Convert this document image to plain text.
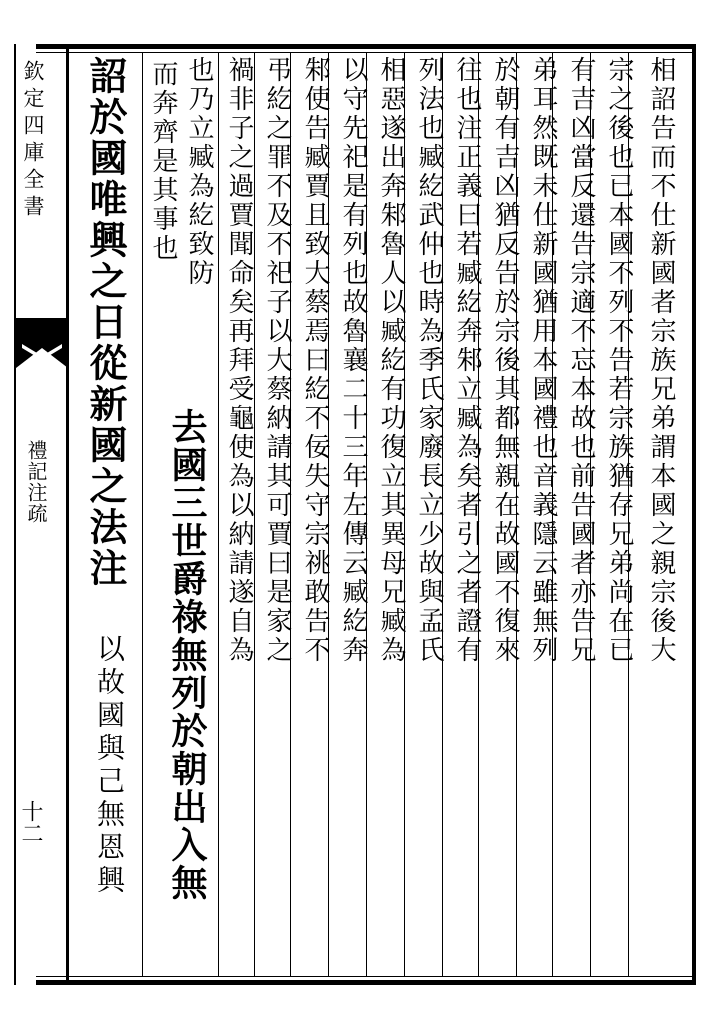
欽定四庫全書
禮記注疏
十二
相詔告而不仕新國者宗族兄弟謂本國之親宗後大
宗之後也已本國不列不告若宗族猶存兄弟尚在已
有吉凶當反還告宗適不忘本故也前告國者亦告兄
弟耳然既未仕新國猶用本國禮也音義隱云雖無列
於朝有吉凶猶反告於宗後其都無親在故國不復來
往也注正義曰若臧紇奔邾立臧為矣者引之者證有
列法也臧紇武仲也時為季氏家廢長立少故與孟氏
相惡遂出奔邾魯人以臧紇有功復立其異母兄臧為
以守先祀是有列也故魯襄二十三年左傳云臧紇奔
邾使告臧賈且致大蔡焉曰紇不佞失守宗祧敢告不
弔紇之罪不及不祀子以大蔡納請其可賈曰是家之
禍非子之過賈聞命矣再拜受龜使為以納請遂自為
也乃立臧為紇致防
去國三世爵祿無列於朝出入無
詔於國唯興之日從新國之法注
以故國與己無恩興
而奔齊是其事也
